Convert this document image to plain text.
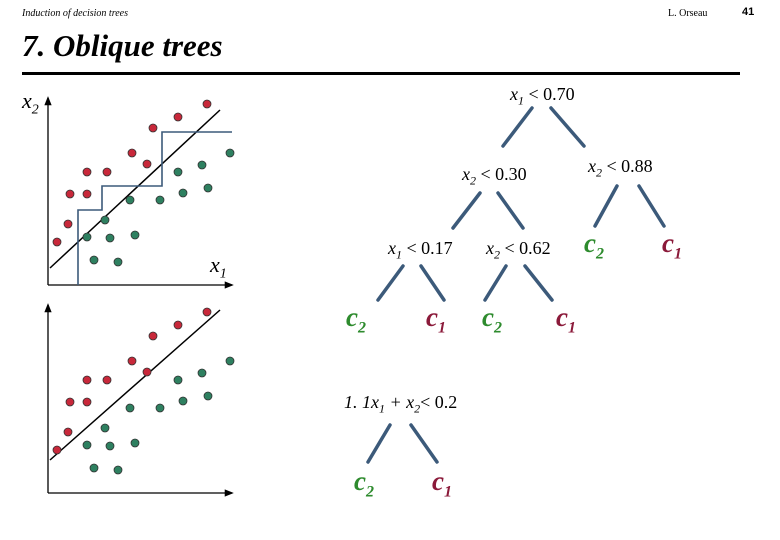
Induction of decision trees	L. Orseau	41
7. Oblique trees
$x_2$
$x_1$
$x_1 < 0.70$
$x_2 < 0.30$	$x_2 < 0.88$
$x_1 < 0.17$ $x_2 < 0.62$ $c_2$ $c_1$
$c_2$ $c_1$ $c_2$ $c_1$
1. $1x_1 + x_2< 0.2$
$c_2$ $c_1$
